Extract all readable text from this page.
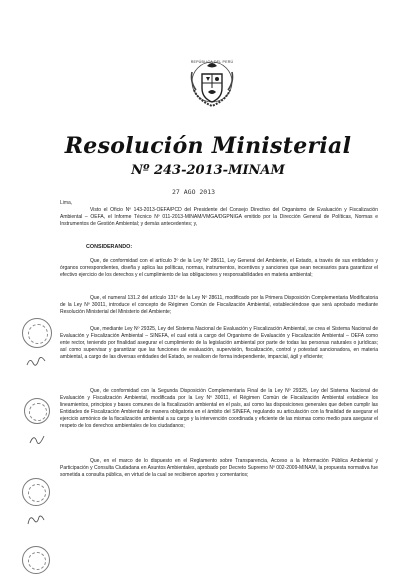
REPÚBLICA DEL PERÚ
Resolución Ministerial
Nº 243-2013-MINAM
27 AGO 2013
Lima,

Visto el Oficio Nº 143-2013-OEFA/PCD del Presidente del Consejo Directivo del Organismo de Evaluación y Fiscalización Ambiental – OEFA, el Informe Técnico Nº 011-2013-MINAM/VMGA/DGPNIGA emitido por la Dirección General de Políticas, Normas e Instrumentos de Gestión Ambiental; y demás antecedentes; y,

CONSIDERANDO:

Que, de conformidad con el artículo 3º de la Ley Nº 28611, Ley General del Ambiente, el Estado, a través de sus entidades y órganos correspondientes, diseña y aplica las políticas, normas, instrumentos, incentivos y sanciones que sean necesarios para garantizar el efectivo ejercicio de los derechos y el cumplimiento de las obligaciones y responsabilidades en materia ambiental;

Que, el numeral 131.2 del artículo 131º de la Ley Nº 28611, modificado por la Primera Disposición Complementaria Modificatoria de la Ley Nº 30011, introduce el concepto de Régimen Común de Fiscalización Ambiental, estableciéndose que será aprobado mediante Resolución Ministerial del Ministerio del Ambiente;

Que, mediante Ley Nº 29325, Ley del Sistema Nacional de Evaluación y Fiscalización Ambiental, se crea el Sistema Nacional de Evaluación y Fiscalización Ambiental – SINEFA, el cual está a cargo del Organismo de Evaluación y Fiscalización Ambiental – OEFA como ente rector, teniendo por finalidad asegurar el cumplimiento de la legislación ambiental por parte de todas las personas naturales o jurídicas; así como supervisar y garantizar que las funciones de evaluación, supervisión, fiscalización, control y potestad sancionadora, en materia ambiental, a cargo de las diversas entidades del Estado, se realicen de forma independiente, imparcial, ágil y eficiente;

Que, de conformidad con la Segunda Disposición Complementaria Final de la Ley Nº 29325, Ley del Sistema Nacional de Evaluación y Fiscalización Ambiental, modificada por la Ley Nº 30011, el Régimen Común de Fiscalización Ambiental establece los lineamientos, principios y bases comunes de la fiscalización ambiental en el país, así como las disposiciones generales que deben cumplir las Entidades de Fiscalización Ambiental de manera obligatoria en el ámbito del SINEFA, regulando su articulación con la finalidad de asegurar el ejercicio armónico de la fiscalización ambiental a su cargo y la intervención coordinada y eficiente de las mismas como medio para asegurar el respeto de los derechos ambientales de los ciudadanos;

Que, en el marco de lo dispuesto en el Reglamento sobre Transparencia, Acceso a la Información Pública Ambiental y Participación y Consulta Ciudadana en Asuntos Ambientales, aprobado por Decreto Supremo Nº 002-2009-MINAM, la propuesta normativa fue sometida a consulta pública, en virtud de la cual se recibieron aportes y comentarios;
